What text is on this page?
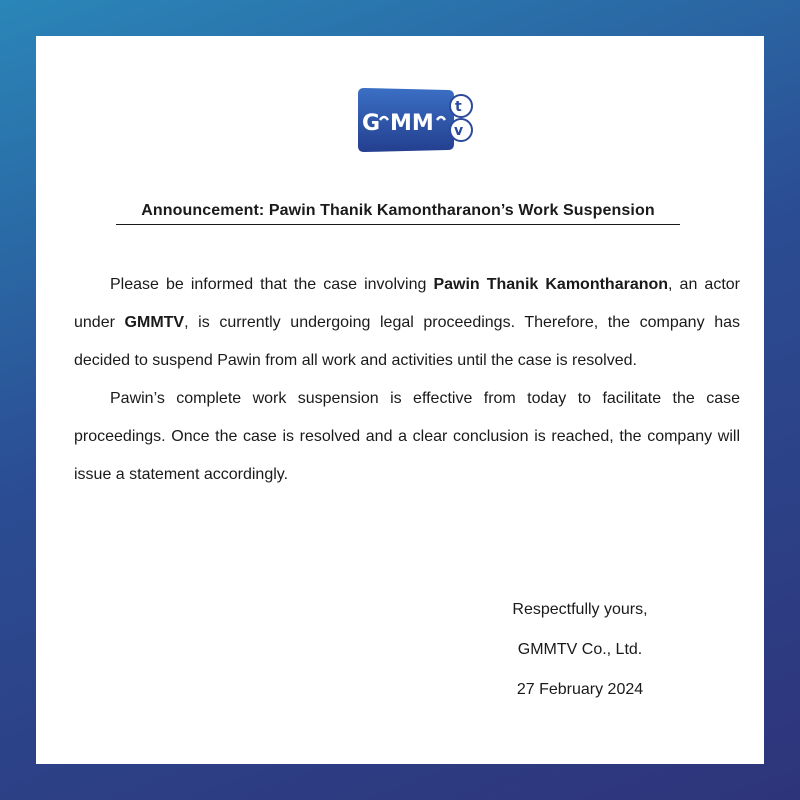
G MM
t
v
Announcement: Pawin Thanik Kamontharanon’s Work Suspension

Please be informed that the case involving Pawin Thanik Kamontharanon, an actor under GMMTV, is currently undergoing legal proceedings. Therefore, the company has decided to suspend Pawin from all work and activities until the case is resolved.

Pawin’s complete work suspension is effective from today to facilitate the case proceedings. Once the case is resolved and a clear conclusion is reached, the company will issue a statement accordingly.

Respectfully yours,
GMMTV Co., Ltd.
27 February 2024
